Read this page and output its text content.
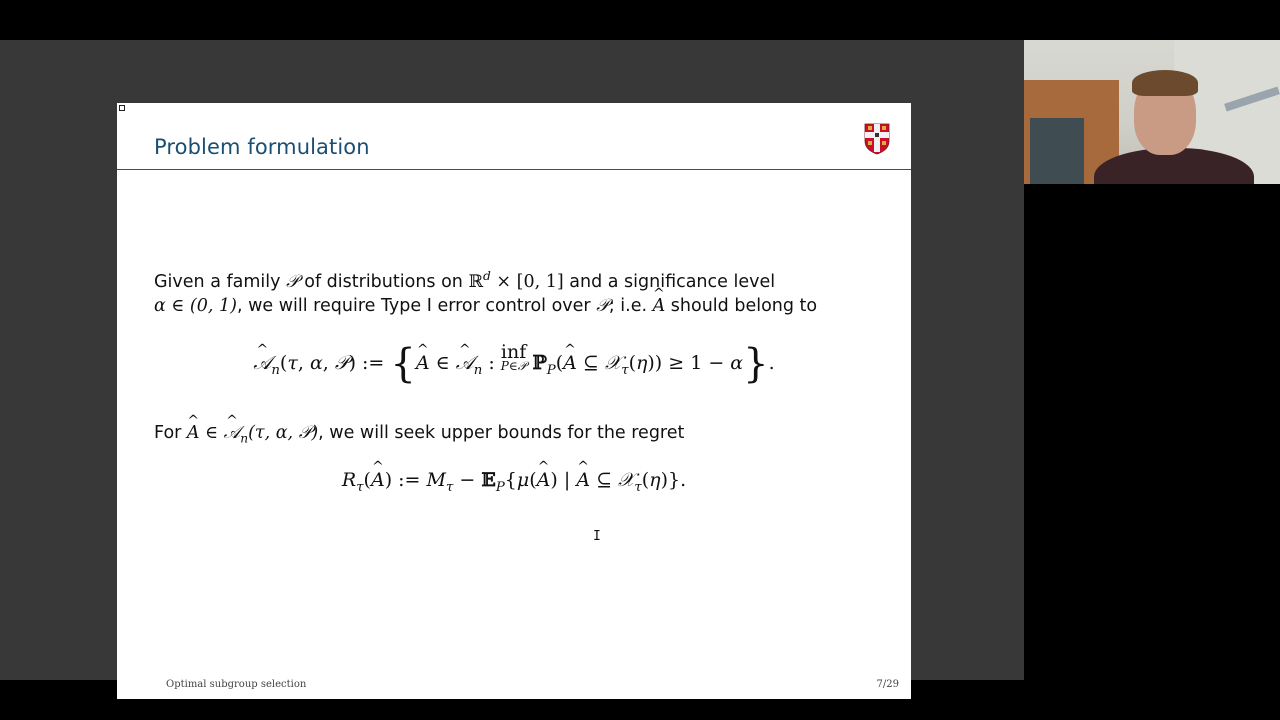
Problem formulation
Given a family 𝒫 of distributions on ℝ$^d$ × [0, 1] and a significance level
α ∈ (0, 1), we will require Type I error control over 𝒫; i.e. ^ A should belong to
^ 𝒜$_n$(τ, α, 𝒫) := {^ A ∈ ^ 𝒜$_n$ : inf
P∈𝒫 ℙ$_P$(^ A ⊆ 𝒳$_\tau$(η)) ≥ 1 − α}.
For ^ A ∈ ^ 𝒜$_n$(τ, α, 𝒫), we will seek upper bounds for the regret
$R_\tau(\^{}$ A) := $M_\tau$ − 𝔼$_P${μ(^ A) | ^ A ⊆ 𝒳$_\tau$(η)}.
I
Optimal subgroup selection	7/29
